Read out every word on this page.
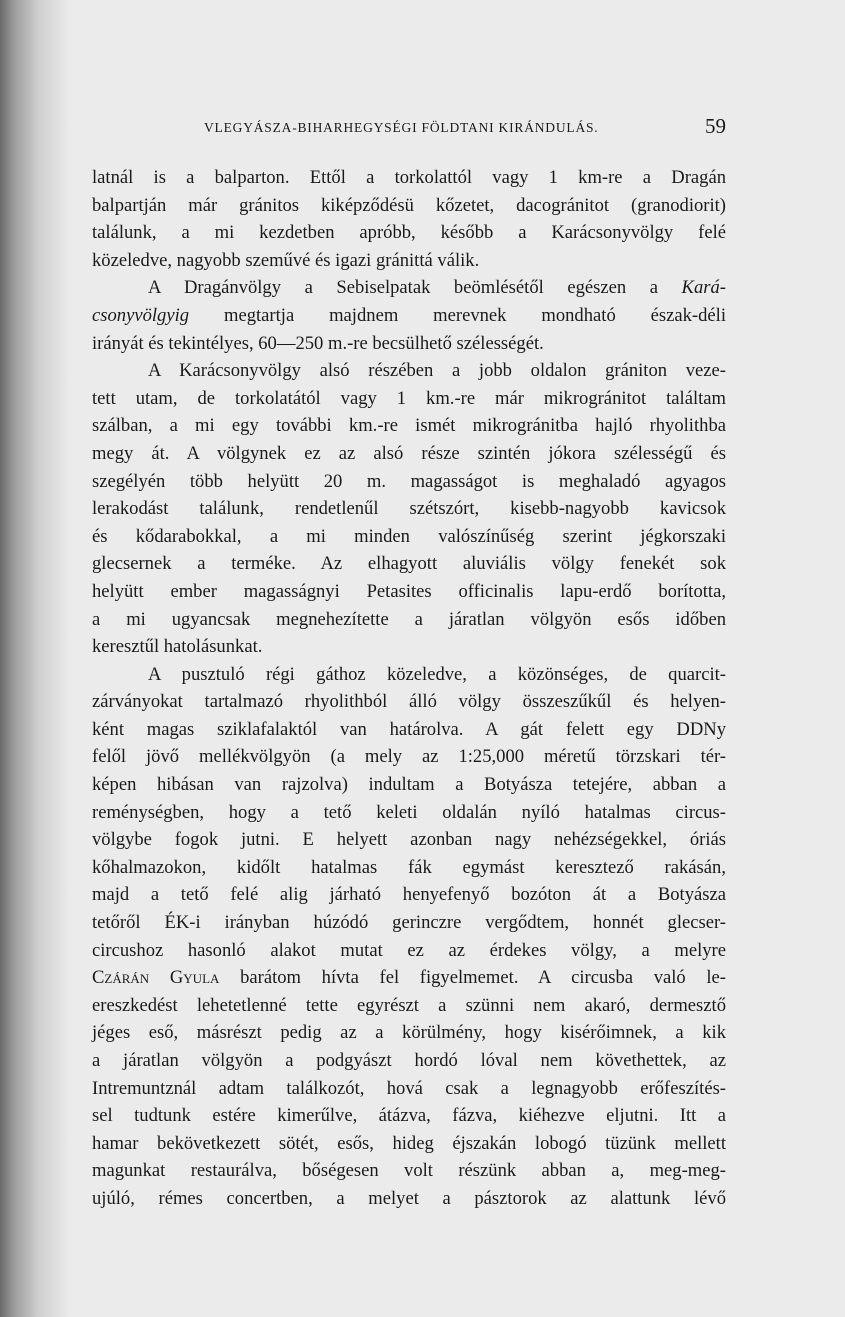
VLEGYÁSZA-BIHARHEGYSÉGI FÖLDTANI KIRÁNDULÁS.	59

latnál is a balparton. Ettől a torkolattól vagy 1 km-re a Dragán
balpartján már gránitos kiképződésü kőzetet, dacogránitot (granodiorit)
találunk, a mi kezdetben apróbb, később a Karácsonyvölgy felé
közeledve, nagyobb szeművé és igazi gránittá válik.

A Dragánvölgy a Sebiselpatak beömlésétől egészen a Kará-
csonyvölgyig megtartja majdnem merevnek mondható észak-déli
irányát és tekintélyes, 60—250 m.-re becsülhető szélességét.

A Karácsonyvölgy alsó részében a jobb oldalon gránitоn veze-
tett utam, de torkolatától vagy 1 km.-re már mikrogránitot találtam
szálban, a mi egy további km.-re ismét mikrogránitba hajló rhyolithba
megy át. A völgynek ez az alsó része szintén jókora szélességű és
szegélyén több helyütt 20 m. magasságot is meghaladó agyagos
lerakodást találunk, rendetlenűl szétszórt, kisebb-nagyobb kavicsok
és kődarabokkal, a mi minden valószínűség szerint jégkorszaki
glecsernek a terméke. Az elhagyott aluviális völgy fenekét sok
helyütt ember magasságnyi Petasites officinalis lapu-erdő borította,
a mi ugyancsak megnehezítette a járatlan völgyön esős időben
keresztűl hatolásunkat.

A pusztuló régi gáthoz közeledve, a közönséges, de quarcit-
zárványokat tartalmazó rhyolithból álló völgy összeszűkűl és helyen-
ként magas sziklafalaktól van határolva. A gát felett egy DDNy
felől jövő mellékvölgyön (a mely az 1:25,000 méretű törzskari tér-
képen hibásan van rajzolva) indultam a Botyásza tetejére, abban a
reménységben, hogy a tető keleti oldalán nyíló hatalmas circus-
völgybe fogok jutni. E helyett azonban nagy nehézségekkel, óriás
kőhalmazokon, kidőlt hatalmas fák egymást keresztező rakásán,
majd a tető felé alig járható henyefenyő bozóton át a Botyásza
tetőről ÉK-i irányban húzódó gerinczre vergődtem, honnét glecser-
circushoz hasonló alakot mutat ez az érdekes völgy, a melyre
Czárán Gyula barátom hívta fel figyelmemet. A circusba való le-
ereszkedést lehetetlenné tette egyrészt a szünni nem akaró, dermesztő
jéges eső, másrészt pedig az a körülmény, hogy kisérőimnek, a kik
a járatlan völgyön a podgyászt hordó lóval nem követhettek, az
Intremuntznál adtam találkozót, hová csak a legnagyobb erőfeszítés-
sel tudtunk estére kimerűlve, átázva, fázva, kiéhezve eljutni. Itt a
hamar bekövetkezett sötét, esős, hideg éjszakán lobogó tüzünk mellett
magunkat restaurálva, bőségesen volt részünk abban a, meg-meg-
ujúló, rémes concertben, a melyet a pásztorok az alattunk lévő
